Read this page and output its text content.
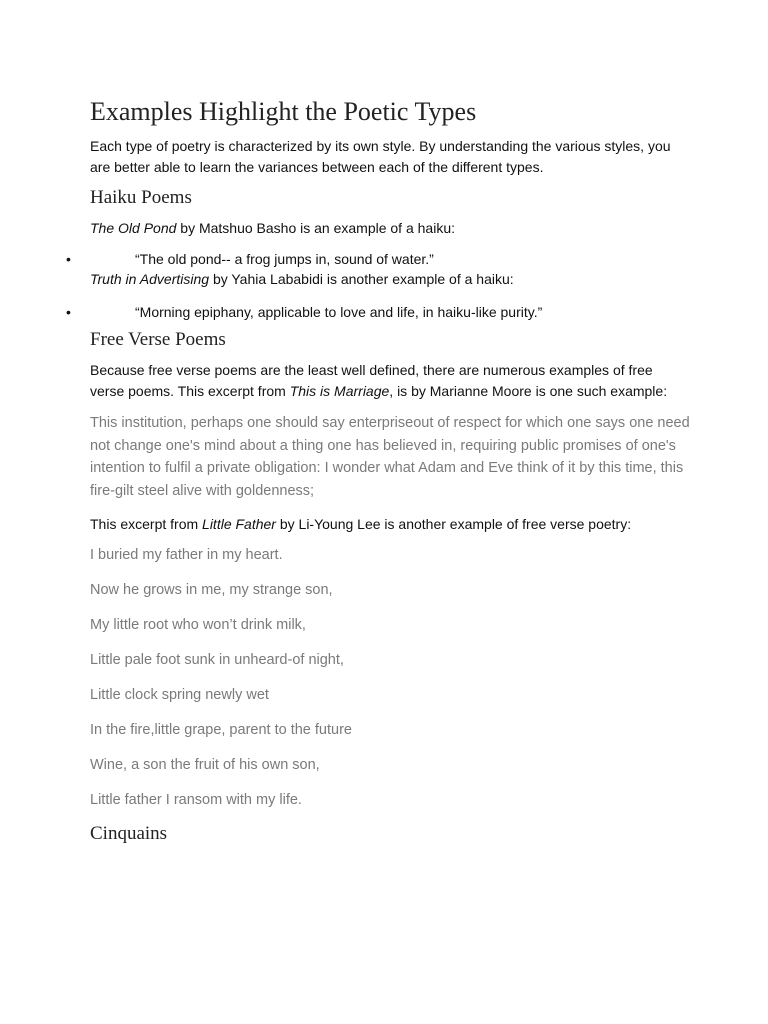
Examples Highlight the Poetic Types

Each type of poetry is characterized by its own style. By understanding the various styles, you are better able to learn the variances between each of the different types.

Haiku Poems

The Old Pond by Matshuo Basho is an example of a haiku:

•	“The old pond-- a frog jumps in, sound of water.”

Truth in Advertising by Yahia Lababidi is another example of a haiku:

•	“Morning epiphany, applicable to love and life, in haiku-like purity.”
Free Verse Poems

Because free verse poems are the least well defined, there are numerous examples of free verse poems. This excerpt from This is Marriage, is by Marianne Moore is one such example:

This institution, perhaps one should say enterpriseout of respect for which one says one need not change one's mind about a thing one has believed in, requiring public promises of one's intention to fulfil a private obligation: I wonder what Adam and Eve think of it by this time, this fire-gilt steel alive with goldenness;

This excerpt from Little Father by Li-Young Lee is another example of free verse poetry:

I buried my father in my heart.

Now he grows in me, my strange son,

My little root who won’t drink milk,

Little pale foot sunk in unheard-of night,

Little clock spring newly wet

In the fire,little grape, parent to the future

Wine, a son the fruit of his own son,

Little father I ransom with my life.

Cinquains
